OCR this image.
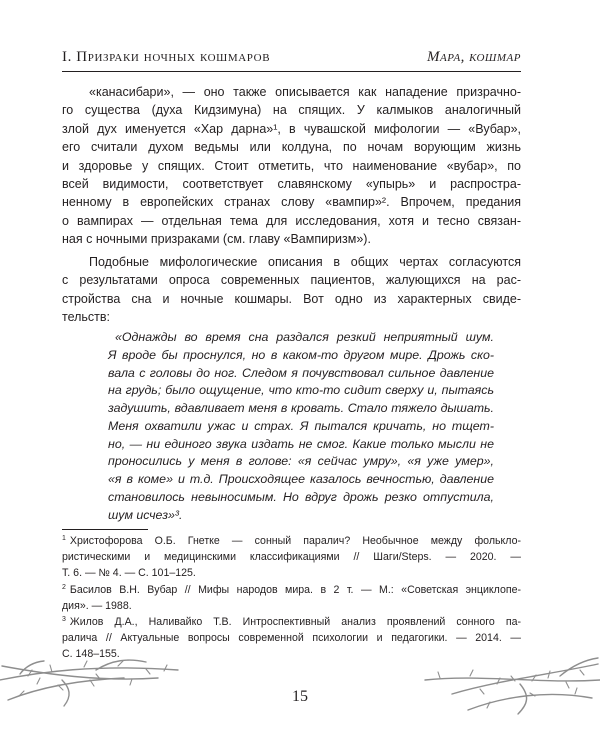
I. Призраки ночных кошмаров	Мара, кошмар
«канасибари», — оно также описывается как нападение призрачно-
го существа (духа Кидзимуна) на спящих. У калмыков аналогичный
злой дух именуется «Хар дарна»¹, в чувашской мифологии — «Вубар»,
его считали духом ведьмы или колдуна, по ночам ворующим жизнь
и здоровье у спящих. Стоит отметить, что наименование «вубар», по
всей видимости, соответствует славянскому «упырь» и распростра-
ненному в европейских странах слову «вампир»². Впрочем, предания
о вампирах — отдельная тема для исследования, хотя и тесно связан-
ная с ночными призраками (см. главу «Вампиризм»).
Подобные мифологические описания в общих чертах согласуются
с результатами опроса современных пациентов, жалующихся на рас-
стройства сна и ночные кошмары. Вот одно из характерных свиде-
тельств:
«Однажды во время сна раздался резкий неприятный шум.
Я вроде бы проснулся, но в каком-то другом мире. Дрожь ско-
вала с головы до ног. Следом я почувствовал сильное давление
на грудь; было ощущение, что кто-то сидит сверху и, пытаясь
задушить, вдавливает меня в кровать. Стало тяжело дышать.
Меня охватили ужас и страх. Я пытался кричать, но тщет-
но, — ни единого звука издать не смог. Какие только мысли не
проносились у меня в голове: «я сейчас умру», «я уже умер»,
«я в коме» и т.д. Происходящее казалось вечностью, давление
становилось невыносимым. Но вдруг дрожь резко отпустила,
шум исчез»³.
$^1$ Христофорова О.Б. Гнетке — сонный паралич? Необычное между фолькло-
ристическими и медицинскими классификациями // Шаги/Steps. — 2020. —
Т. 6. — № 4. — С. 101–125.
$^2$ Басилов В.Н. Вубар // Мифы народов мира. в 2 т. — М.: «Советская энциклопе-
дия». — 1988.
$^3$ Жилов Д.А., Наливайко Т.В. Интроспективный анализ проявлений сонного па-
ралича // Актуальные вопросы современной психологии и педагогики. — 2014. —
С. 148–155.
15
